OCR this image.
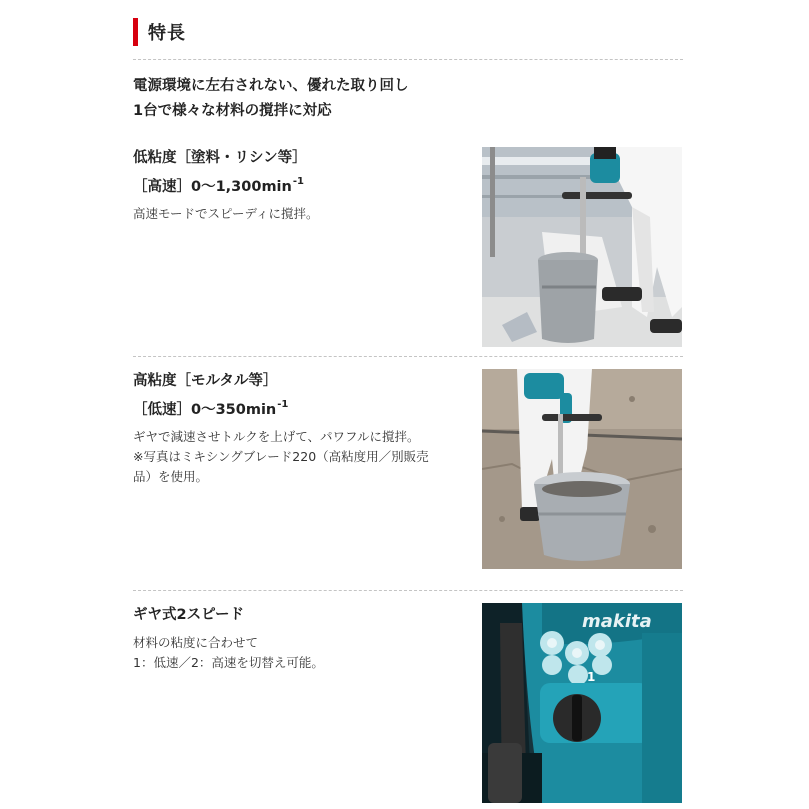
特長
電源環境に左右されない、優れた取り回し
1台で様々な材料の撹拌に対応
低粘度［塗料・リシン等］
［高速$]0\sim 1,300\min^{-1}$
高速モードでスピーディに撹拌。
高粘度［モルタル等］
［低速$]0\sim 350\min^{-1}$
ギヤで減速させトルクを上げて、パワフルに撹拌。
※写真はミキシングブレード220（高粘度用／別販売
品）を使用。
ギヤ式2スピード
材料の粘度に合わせて
1：低速／2：高速を切替え可能。
makita
1
